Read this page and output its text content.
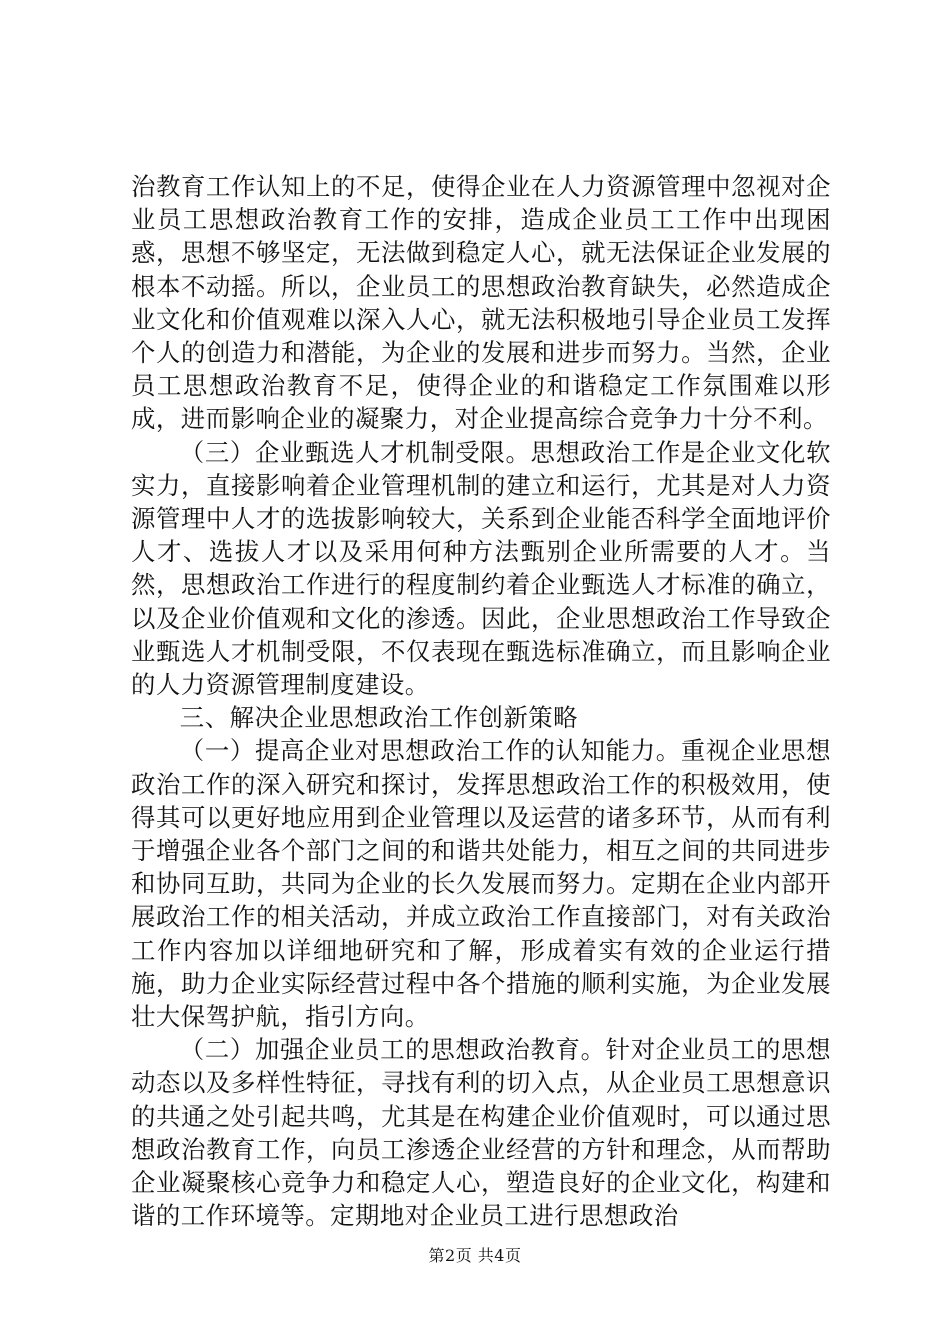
治教育工作认知上的不足，使得企业在人力资源管理中忽视对企业员工思想政治教育工作的安排，造成企业员工工作中出现困惑，思想不够坚定，无法做到稳定人心，就无法保证企业发展的根本不动摇。所以，企业员工的思想政治教育缺失，必然造成企业文化和价值观难以深入人心，就无法积极地引导企业员工发挥个人的创造力和潜能，为企业的发展和进步而努力。当然，企业员工思想政治教育不足，使得企业的和谐稳定工作氛围难以形成，进而影响企业的凝聚力，对企业提高综合竞争力十分不利。

（三）企业甄选人才机制受限。思想政治工作是企业文化软实力，直接影响着企业管理机制的建立和运行，尤其是对人力资源管理中人才的选拔影响较大，关系到企业能否科学全面地评价人才、选拔人才以及采用何种方法甄别企业所需要的人才。当然，思想政治工作进行的程度制约着企业甄选人才标准的确立，以及企业价值观和文化的渗透。因此，企业思想政治工作导致企业甄选人才机制受限，不仅表现在甄选标准确立，而且影响企业的人力资源管理制度建设。

三、解决企业思想政治工作创新策略

（一）提高企业对思想政治工作的认知能力。重视企业思想政治工作的深入研究和探讨，发挥思想政治工作的积极效用，使得其可以更好地应用到企业管理以及运营的诸多环节，从而有利于增强企业各个部门之间的和谐共处能力，相互之间的共同进步和协同互助，共同为企业的长久发展而努力。定期在企业内部开展政治工作的相关活动，并成立政治工作直接部门，对有关政治工作内容加以详细地研究和了解，形成着实有效的企业运行措施，助力企业实际经营过程中各个措施的顺利实施，为企业发展壮大保驾护航，指引方向。

（二）加强企业员工的思想政治教育。针对企业员工的思想动态以及多样性特征，寻找有利的切入点，从企业员工思想意识的共通之处引起共鸣，尤其是在构建企业价值观时，可以通过思想政治教育工作，向员工渗透企业经营的方针和理念，从而帮助企业凝聚核心竞争力和稳定人心，塑造良好的企业文化，构建和谐的工作环境等。定期地对企业员工进行思想政治

第2页 共4页
